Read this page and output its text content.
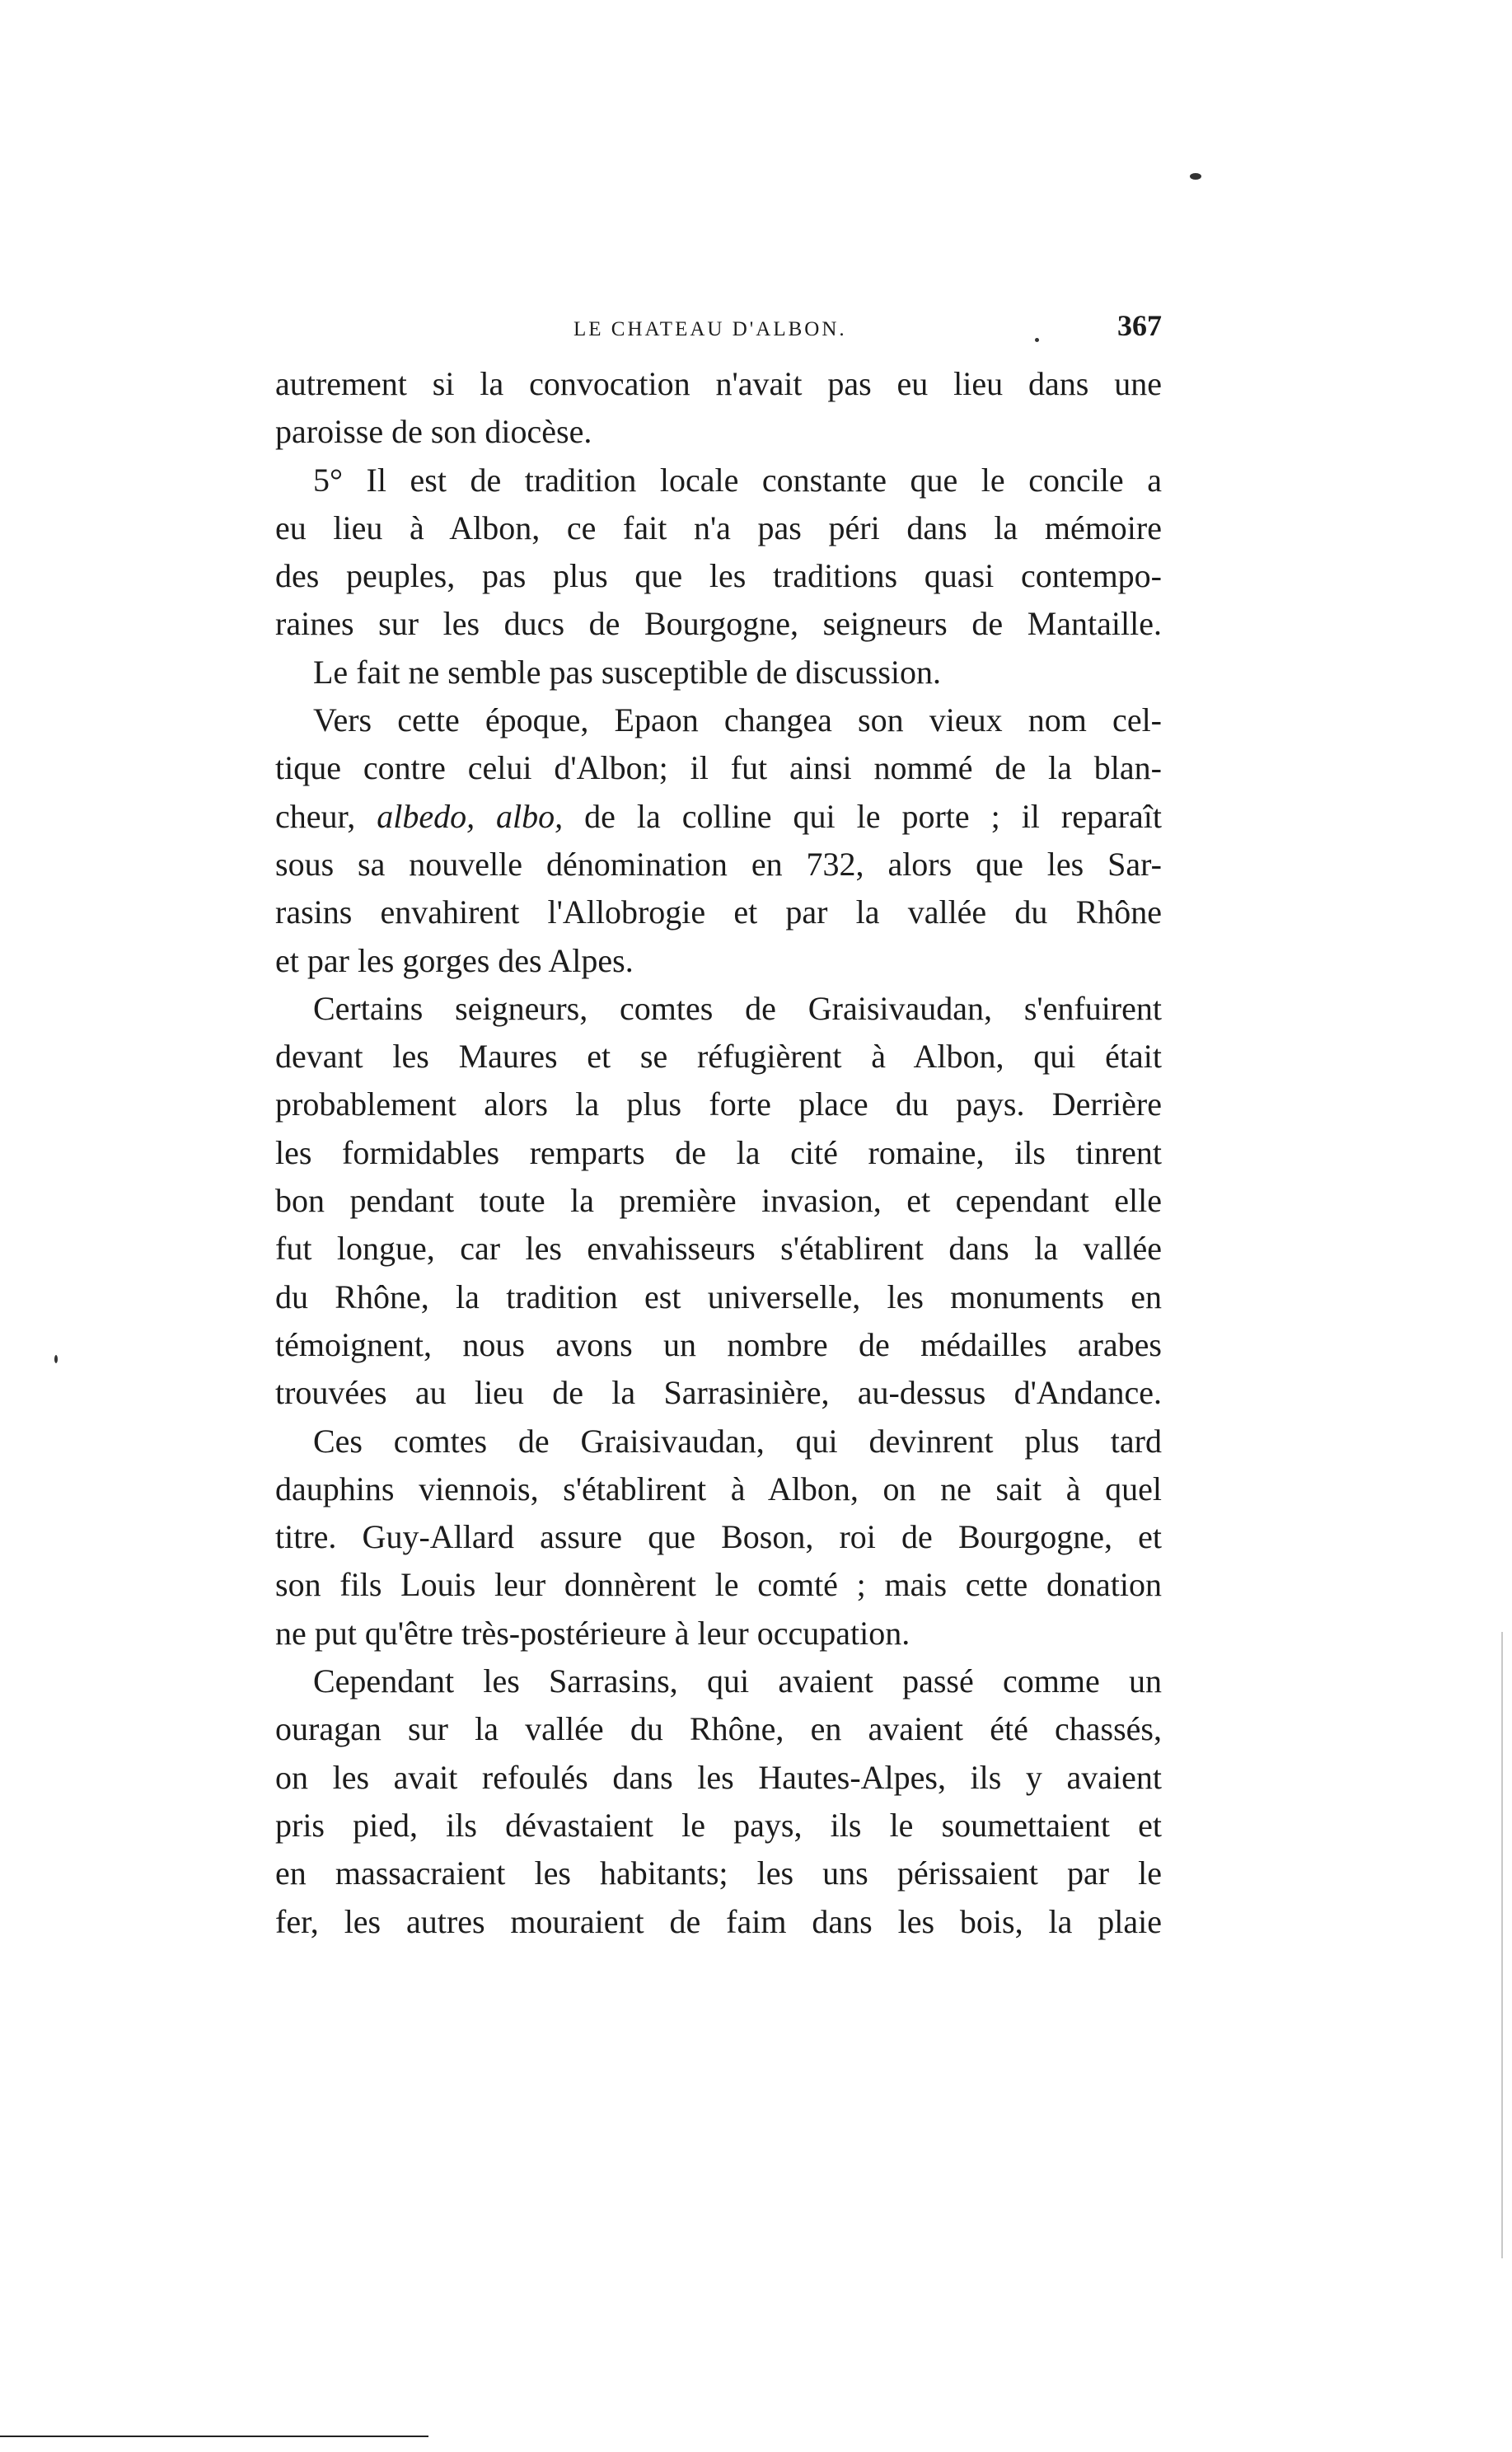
LE CHATEAU D'ALBON.	367
autrement si la convocation n'avait pas eu lieu dans une
paroisse de son diocèse.
5° Il est de tradition locale constante que le concile a
eu lieu à Albon, ce fait n'a pas péri dans la mémoire
des peuples, pas plus que les traditions quasi contempo-
raines sur les ducs de Bourgogne, seigneurs de Mantaille.
Le fait ne semble pas susceptible de discussion.
Vers cette époque, Epaon changea son vieux nom cel-
tique contre celui d'Albon; il fut ainsi nommé de la blan-
cheur, albedo, albo, de la colline qui le porte ; il reparaît
sous sa nouvelle dénomination en 732, alors que les Sar-
rasins envahirent l'Allobrogie et par la vallée du Rhône
et par les gorges des Alpes.
Certains seigneurs, comtes de Graisivaudan, s'enfuirent
devant les Maures et se réfugièrent à Albon, qui était
probablement alors la plus forte place du pays. Derrière
les formidables remparts de la cité romaine, ils tinrent
bon pendant toute la première invasion, et cependant elle
fut longue, car les envahisseurs s'établirent dans la vallée
du Rhône, la tradition est universelle, les monuments en
témoignent, nous avons un nombre de médailles arabes
trouvées au lieu de la Sarrasinière, au-dessus d'Andance.
Ces comtes de Graisivaudan, qui devinrent plus tard
dauphins viennois, s'établirent à Albon, on ne sait à quel
titre. Guy-Allard assure que Boson, roi de Bourgogne, et
son fils Louis leur donnèrent le comté ; mais cette donation
ne put qu'être très-postérieure à leur occupation.
Cependant les Sarrasins, qui avaient passé comme un
ouragan sur la vallée du Rhône, en avaient été chassés,
on les avait refoulés dans les Hautes-Alpes, ils y avaient
pris pied, ils dévastaient le pays, ils le soumettaient et
en massacraient les habitants; les uns périssaient par le
fer, les autres mouraient de faim dans les bois, la plaie
